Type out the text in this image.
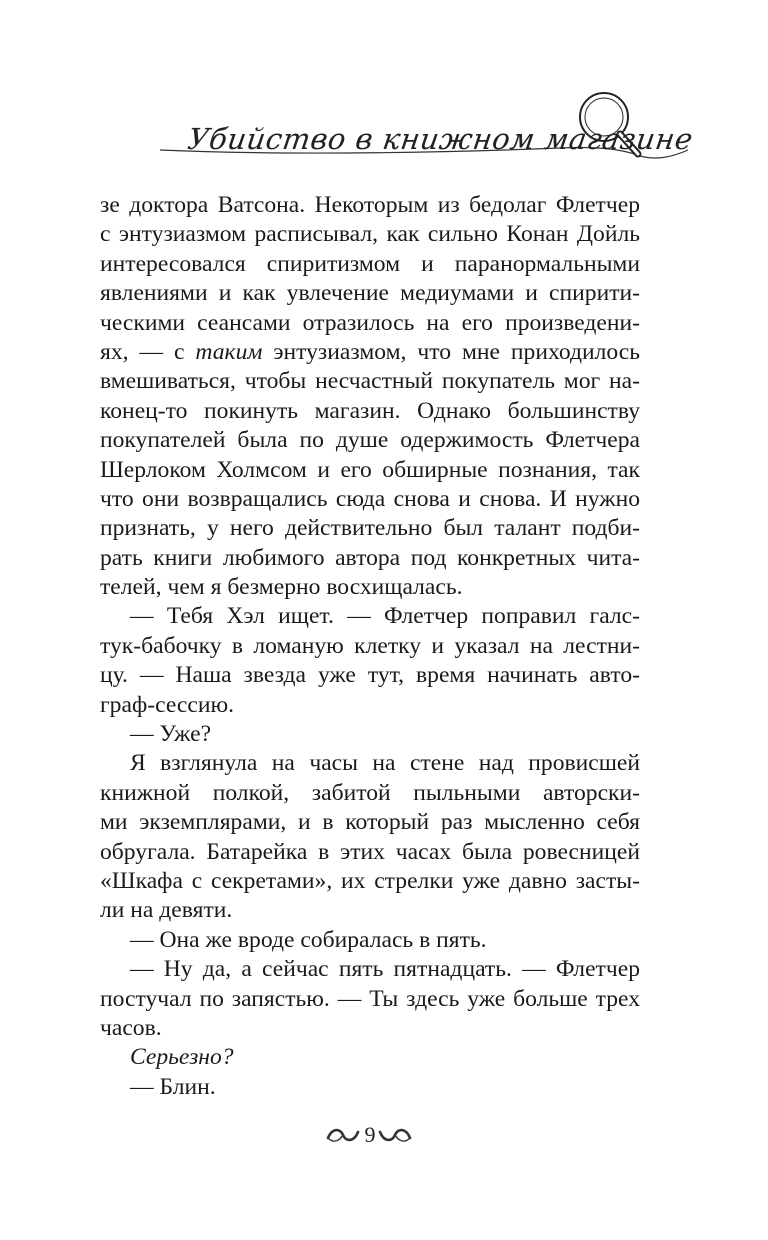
Убийство в книжном магазине
зе доктора Ватсона. Некоторым из бедолаг Флетчер
с энтузиазмом расписывал, как сильно Конан Дойль
интересовался спиритизмом и паранормальными
явлениями и как увлечение медиумами и спирити-
ческими сеансами отразилось на его произведени-
ях, — с таким энтузиазмом, что мне приходилось
вмешиваться, чтобы несчастный покупатель мог на-
конец-то покинуть магазин. Однако большинству
покупателей была по душе одержимость Флетчера
Шерлоком Холмсом и его обширные познания, так
что они возвращались сюда снова и снова. И нужно
признать, у него действительно был талант подби-
рать книги любимого автора под конкретных чита-
телей, чем я безмерно восхищалась.
— Тебя Хэл ищет. — Флетчер поправил галс-
тук-бабочку в ломаную клетку и указал на лестни-
цу. — Наша звезда уже тут, время начинать авто-
граф-сессию.
— Уже?
Я взглянула на часы на стене над провисшей
книжной полкой, забитой пыльными авторски-
ми экземплярами, и в который раз мысленно себя
обругала. Батарейка в этих часах была ровесницей
«Шкафа с секретами», их стрелки уже давно засты-
ли на девяти.
— Она же вроде собиралась в пять.
— Ну да, а сейчас пять пятнадцать. — Флетчер
постучал по запястью. — Ты здесь уже больше трех
часов.
Серьезно?
— Блин.
9
